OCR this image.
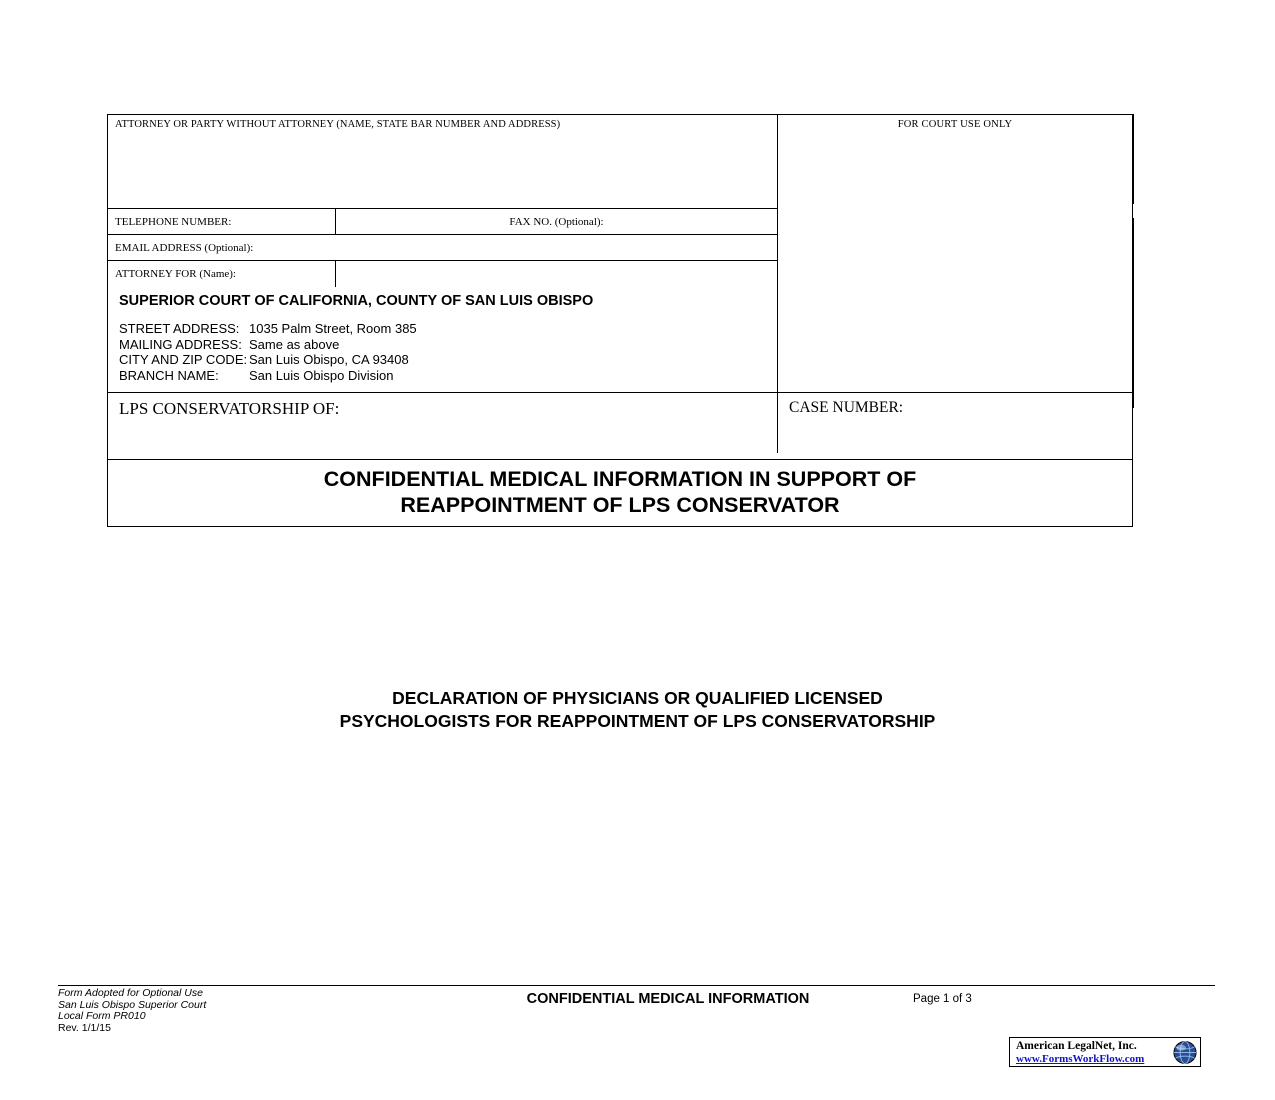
ATTORNEY OR PARTY WITHOUT ATTORNEY (NAME, STATE BAR NUMBER AND ADDRESS)
TELEPHONE NUMBER:	FAX NO. (Optional):
EMAIL ADDRESS (Optional):
ATTORNEY FOR (Name):
SUPERIOR COURT OF CALIFORNIA, COUNTY OF SAN LUIS OBISPO
STREET ADDRESS: 1035 Palm Street, Room 385
MAILING ADDRESS: Same as above
CITY AND ZIP CODE: San Luis Obispo, CA 93408
BRANCH NAME:	San Luis Obispo Division
FOR COURT USE ONLY
LPS CONSERVATORSHIP OF:	CASE NUMBER:
CONFIDENTIAL MEDICAL INFORMATION IN SUPPORT OF
REAPPOINTMENT OF LPS CONSERVATOR
DECLARATION OF PHYSICIANS OR QUALIFIED LICENSED
PSYCHOLOGISTS FOR REAPPOINTMENT OF LPS CONSERVATORSHIP
Form Adopted for Optional Use
San Luis Obispo Superior Court
Local Form PR010
Rev. 1/1/15
CONFIDENTIAL MEDICAL INFORMATION	Page 1 of 3
American LegalNet, Inc.
www.FormsWorkFlow.com
